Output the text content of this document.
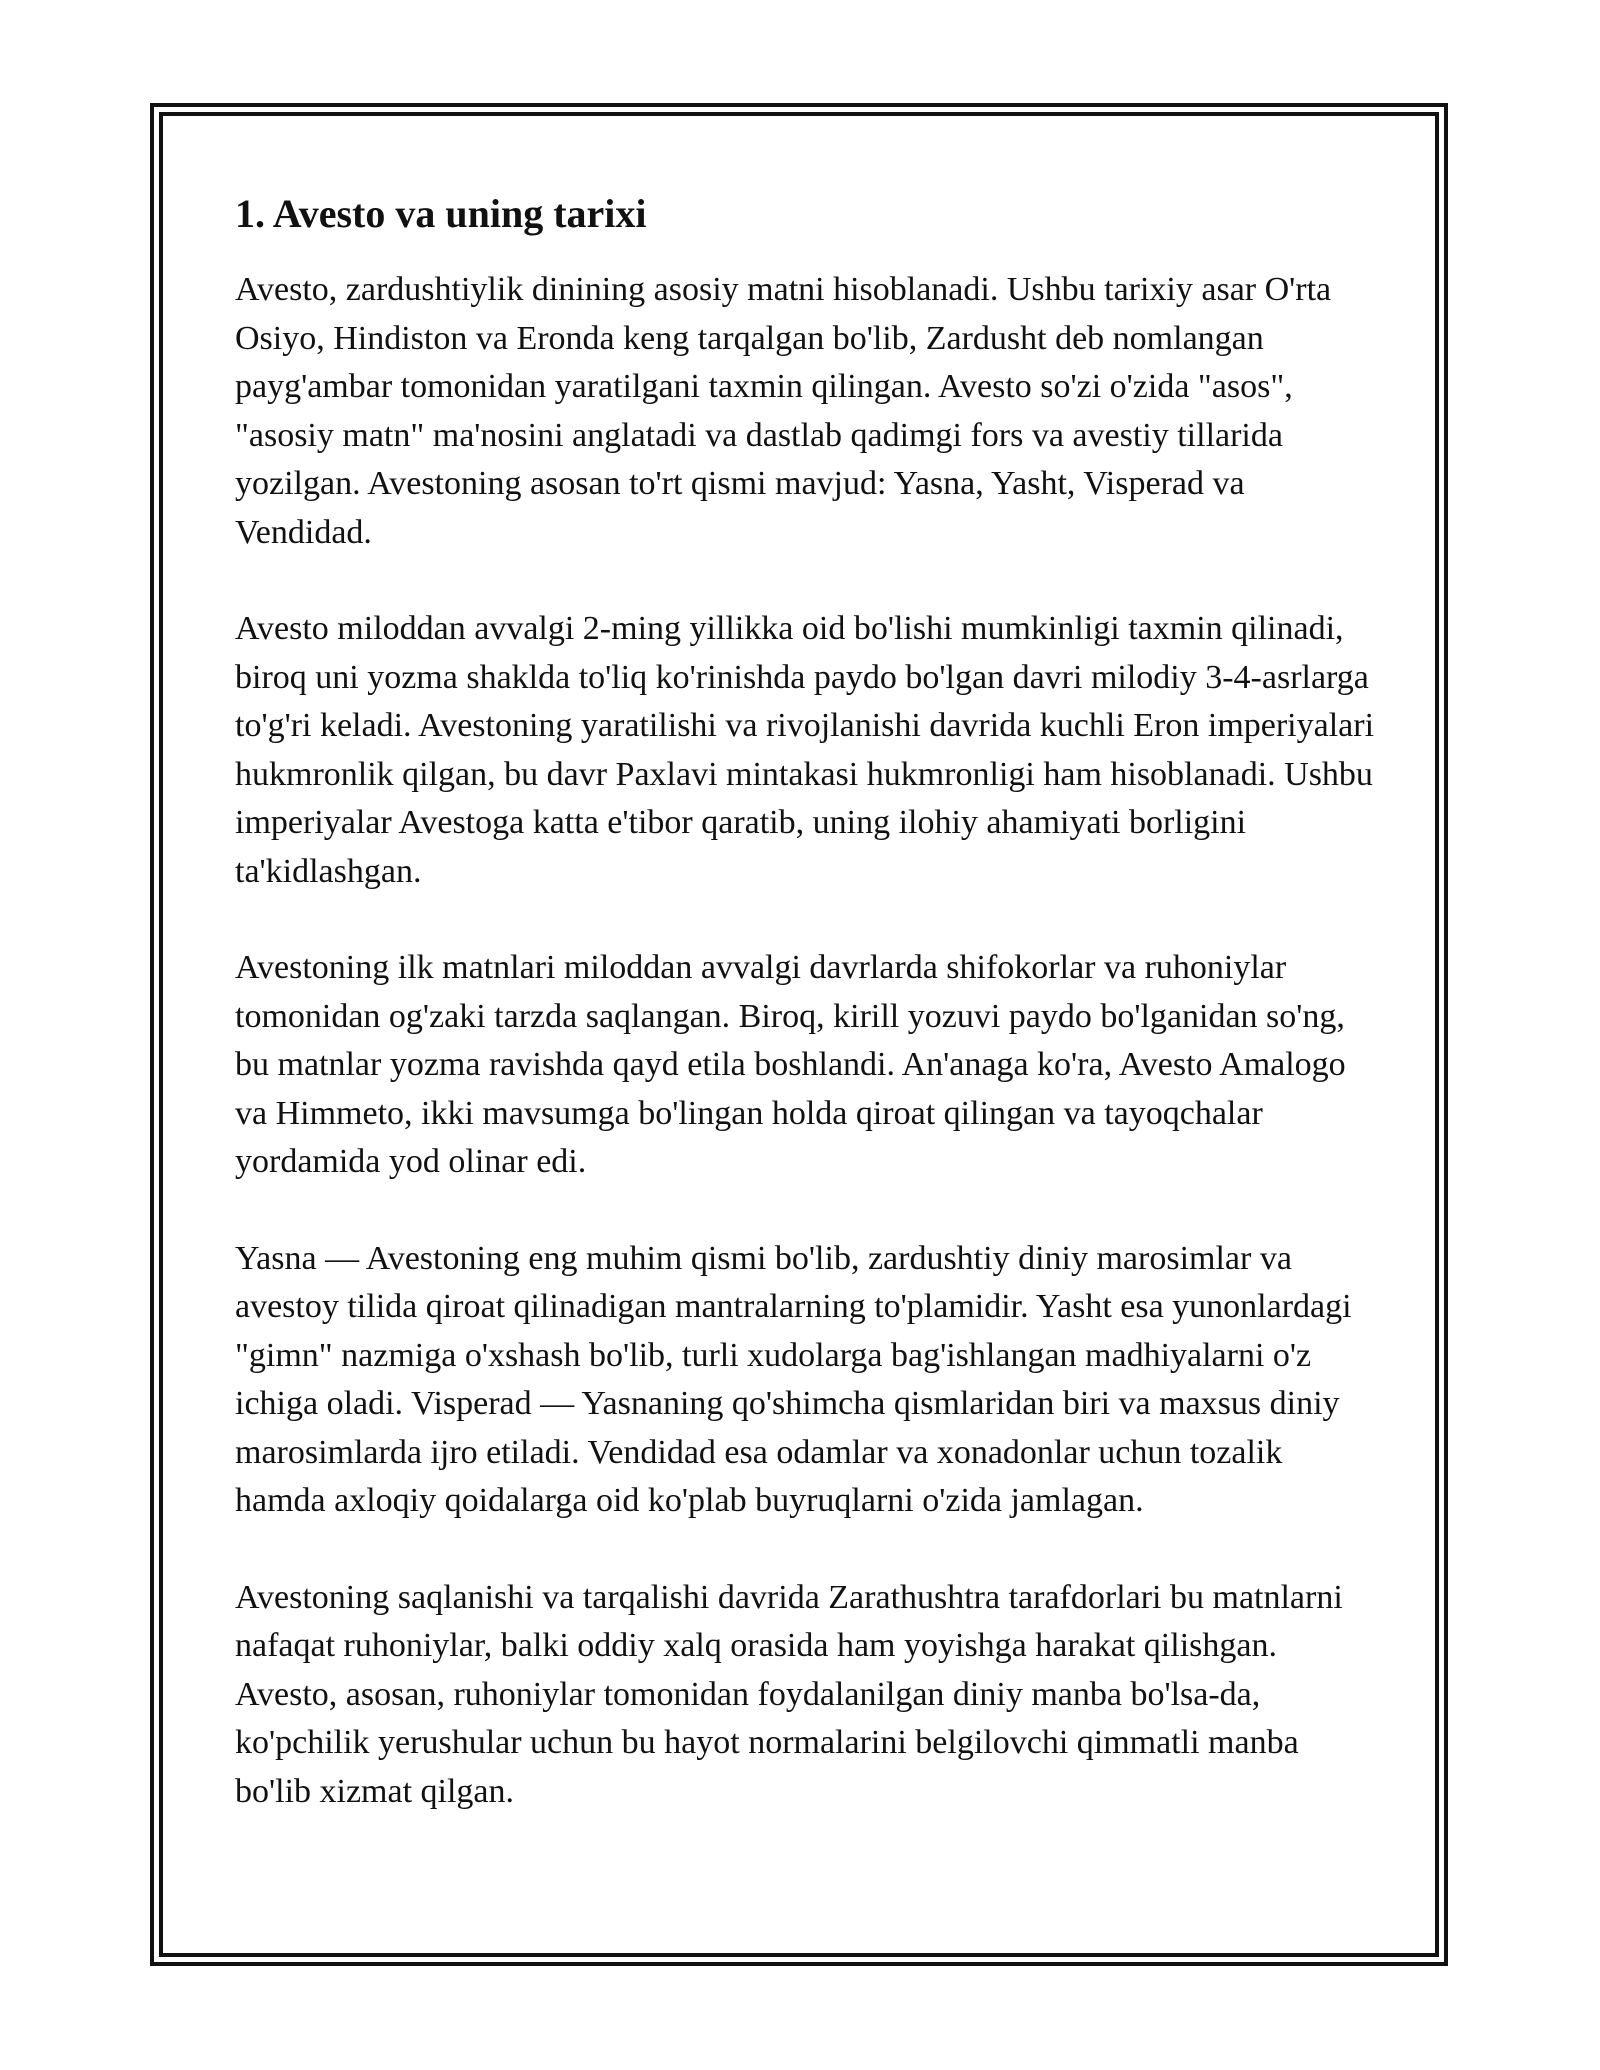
1. Avesto va uning tarixi

Avesto, zardushtiylik dinining asosiy matni hisoblanadi. Ushbu tarixiy asar O'rta Osiyo, Hindiston va Eronda keng tarqalgan bo'lib, Zardusht deb nomlangan payg'ambar tomonidan yaratilgani taxmin qilingan. Avesto so'zi o'zida "asos", "asosiy matn" ma'nosini anglatadi va dastlab qadimgi fors va avestiy tillarida yozilgan. Avestoning asosan to'rt qismi mavjud: Yasna, Yasht, Visperad va Vendidad.

Avesto miloddan avvalgi 2-ming yillikka oid bo'lishi mumkinligi taxmin qilinadi, biroq uni yozma shaklda to'liq ko'rinishda paydo bo'lgan davri milodiy 3-4-asrlarga to'g'ri keladi. Avestoning yaratilishi va rivojlanishi davrida kuchli Eron imperiyalari hukmronlik qilgan, bu davr Paxlavi mintakasi hukmronligi ham hisoblanadi. Ushbu imperiyalar Avestoga katta e'tibor qaratib, uning ilohiy ahamiyati borligini ta'kidlashgan.

Avestoning ilk matnlari miloddan avvalgi davrlarda shifokorlar va ruhoniylar tomonidan og'zaki tarzda saqlangan. Biroq, kirill yozuvi paydo bo'lganidan so'ng, bu matnlar yozma ravishda qayd etila boshlandi. An'anaga ko'ra, Avesto Amalogo va Himmeto, ikki mavsumga bo'lingan holda qiroat qilingan va tayoqchalar yordamida yod olinar edi.

Yasna — Avestoning eng muhim qismi bo'lib, zardushtiy diniy marosimlar va avestoy tilida qiroat qilinadigan mantralarning to'plamidir. Yasht esa yunonlardagi "gimn" nazmiga o'xshash bo'lib, turli xudolarga bag'ishlangan madhiyalarni o'z ichiga oladi. Visperad — Yasnaning qo'shimcha qismlaridan biri va maxsus diniy marosimlarda ijro etiladi. Vendidad esa odamlar va xonadonlar uchun tozalik hamda axloqiy qoidalarga oid ko'plab buyruqlarni o'zida jamlagan.

Avestoning saqlanishi va tarqalishi davrida Zarathushtra tarafdorlari bu matnlarni nafaqat ruhoniylar, balki oddiy xalq orasida ham yoyishga harakat qilishgan. Avesto, asosan, ruhoniylar tomonidan foydalanilgan diniy manba bo'lsa-da, ko'pchilik yerushular uchun bu hayot normalarini belgilovchi qimmatli manba bo'lib xizmat qilgan.
